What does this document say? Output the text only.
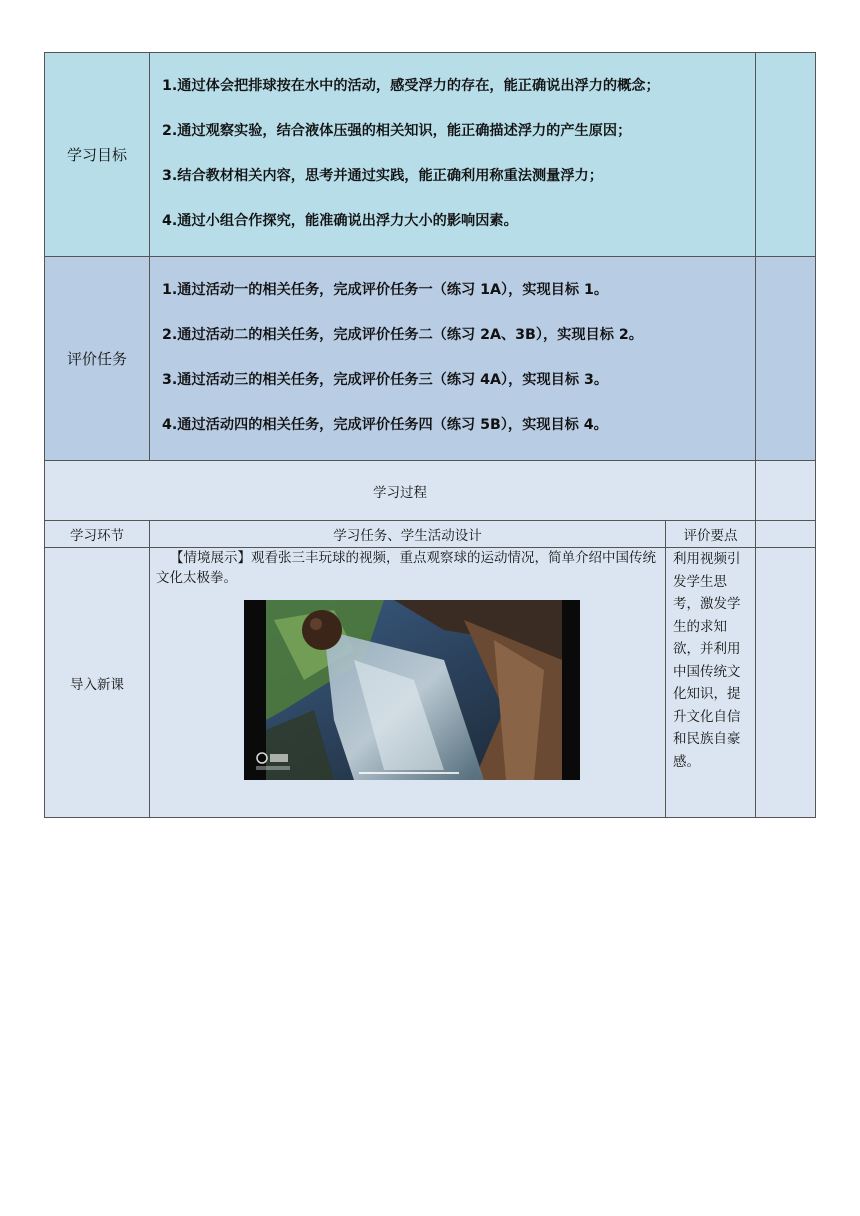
学习目标	1.通过体会把排球按在水中的活动，感受浮力的存在，能正确说出浮力的概念；

2.通过观察实验，结合液体压强的相关知识，能正确描述浮力的产生原因；

3.结合教材相关内容，思考并通过实践，能正确利用称重法测量浮力；

4.通过小组合作探究，能准确说出浮力大小的影响因素。		

评价任务	1.通过活动一的相关任务，完成评价任务一（练习 1A），实现目标 1。

2.通过活动二的相关任务，完成评价任务二（练习 2A、3B），实现目标 2。

3.通过活动三的相关任务，完成评价任务三（练习 4A），实现目标 3。

4.通过活动四的相关任务，完成评价任务四（练习 5B），实现目标 4。		

学习过程			
学习环节	学习任务、学生活动设计	评价要点	
导入新课	【情境展示】观看张三丰玩球的视频，重点观察球的运动情况，简单介绍中国传统文化太极拳。	利用视频引发学生思考，激发学生的求知欲，并利用中国传统文化知识，提升文化自信和民族自豪感。	
